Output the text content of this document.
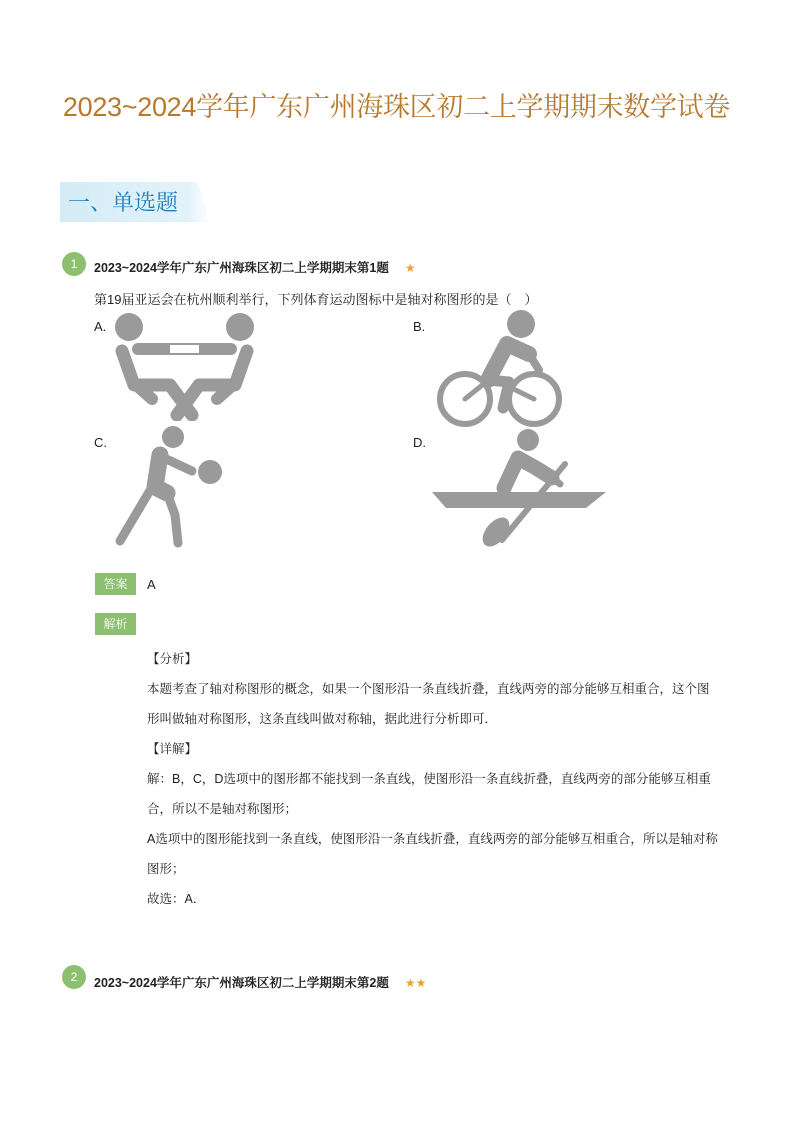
2023~2024学年广东广州海珠区初二上学期期末数学试卷
一、单选题
1	2023~2024学年广东广州海珠区初二上学期期末第1题 ★
第19届亚运会在杭州顺利举行，下列体育运动图标中是轴对称图形的是（　）
A.	B.
C.	D.
答案	A
解析

【分析】

本题考查了轴对称图形的概念，如果一个图形沿一条直线折叠，直线两旁的部分能够互相重合，这个图形叫做轴对称图形，这条直线叫做对称轴，据此进行分析即可．

【详解】

解：B，C，D选项中的图形都不能找到一条直线，使图形沿一条直线折叠，直线两旁的部分能够互相重合，所以不是轴对称图形；

A选项中的图形能找到一条直线，使图形沿一条直线折叠，直线两旁的部分能够互相重合，所以是轴对称图形；

故选：A．

2	2023~2024学年广东广州海珠区初二上学期期末第2题 ★★
